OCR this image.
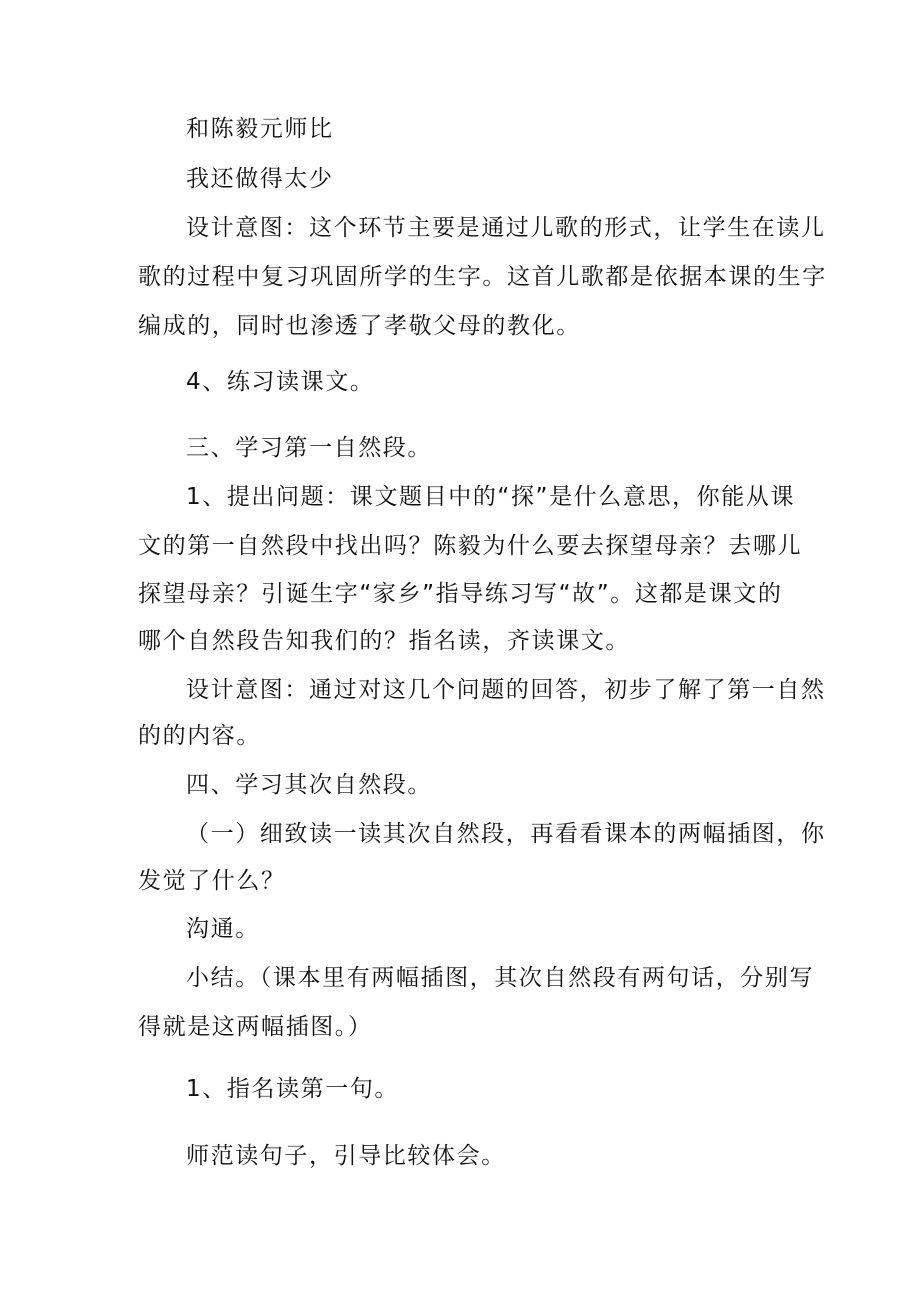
和陈毅元师比
我还做得太少
设计意图：这个环节主要是通过儿歌的形式，让学生在读儿
歌的过程中复习巩固所学的生字。这首儿歌都是依据本课的生字
编成的，同时也渗透了孝敬父母的教化。
4、练习读课文。
三、学习第一自然段。
1、提出问题：课文题目中的“探”是什么意思，你能从课
文的第一自然段中找出吗？陈毅为什么要去探望母亲？去哪儿
探望母亲？引诞生字“家乡”指导练习写“故”。这都是课文的
哪个自然段告知我们的？指名读，齐读课文。
设计意图：通过对这几个问题的回答，初步了解了第一自然
的的内容。
四、学习其次自然段。
（一）细致读一读其次自然段，再看看课本的两幅插图，你
发觉了什么？
沟通。
小结。（课本里有两幅插图，其次自然段有两句话，分别写
得就是这两幅插图。）
1、指名读第一句。
师范读句子，引导比较体会。
